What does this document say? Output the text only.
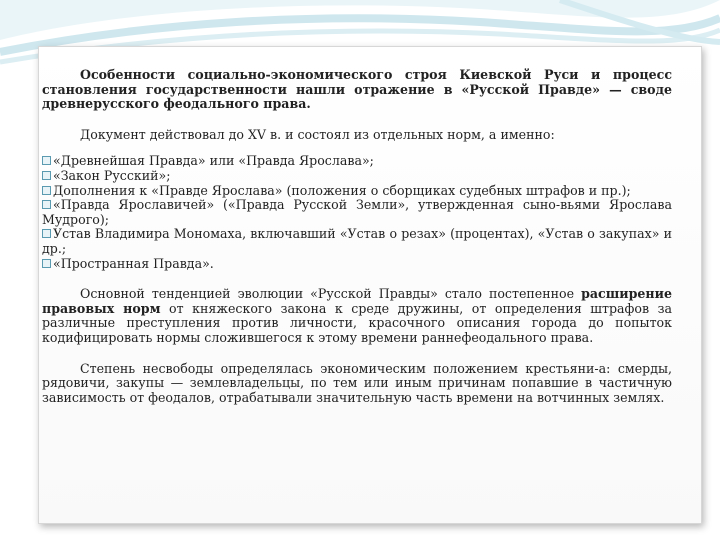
Особенности социально-экономического строя Киевской Руси и процесс становления государственности нашли отражение в «Русской Правде» — своде древнерусского феодального права.

Документ действовал до XV в. и состоял из отдельных норм, а именно:

«Древнейшая Правда» или «Правда Ярослава»;
«Закон Русский»;
Дополнения к «Правде Ярослава» (положения о сборщиках судебных штрафов и пр.);
«Правда Ярославичей» («Правда Русской Земли», утвержденная сыно-вьями Ярослава Мудрого);
Устав Владимира Мономаха, включавший «Устав о резах» (процентах), «Устав о закупах» и др.;
«Пространная Правда».

Основной тенденцией эволюции «Русской Правды» стало постепенное расширение правовых норм от княжеского закона к среде дружины, от определения штрафов за различные преступления против личности, красочного описания города до попыток кодифицировать нормы сложившегося к этому времени раннефеодального права.

Степень несвободы определялась экономическим положением крестьяни-а: смерды, рядовичи, закупы — землевладельцы, по тем или иным причинам попавшие в частичную зависимость от феодалов, отрабатывали значительную часть времени на вотчинных землях.
